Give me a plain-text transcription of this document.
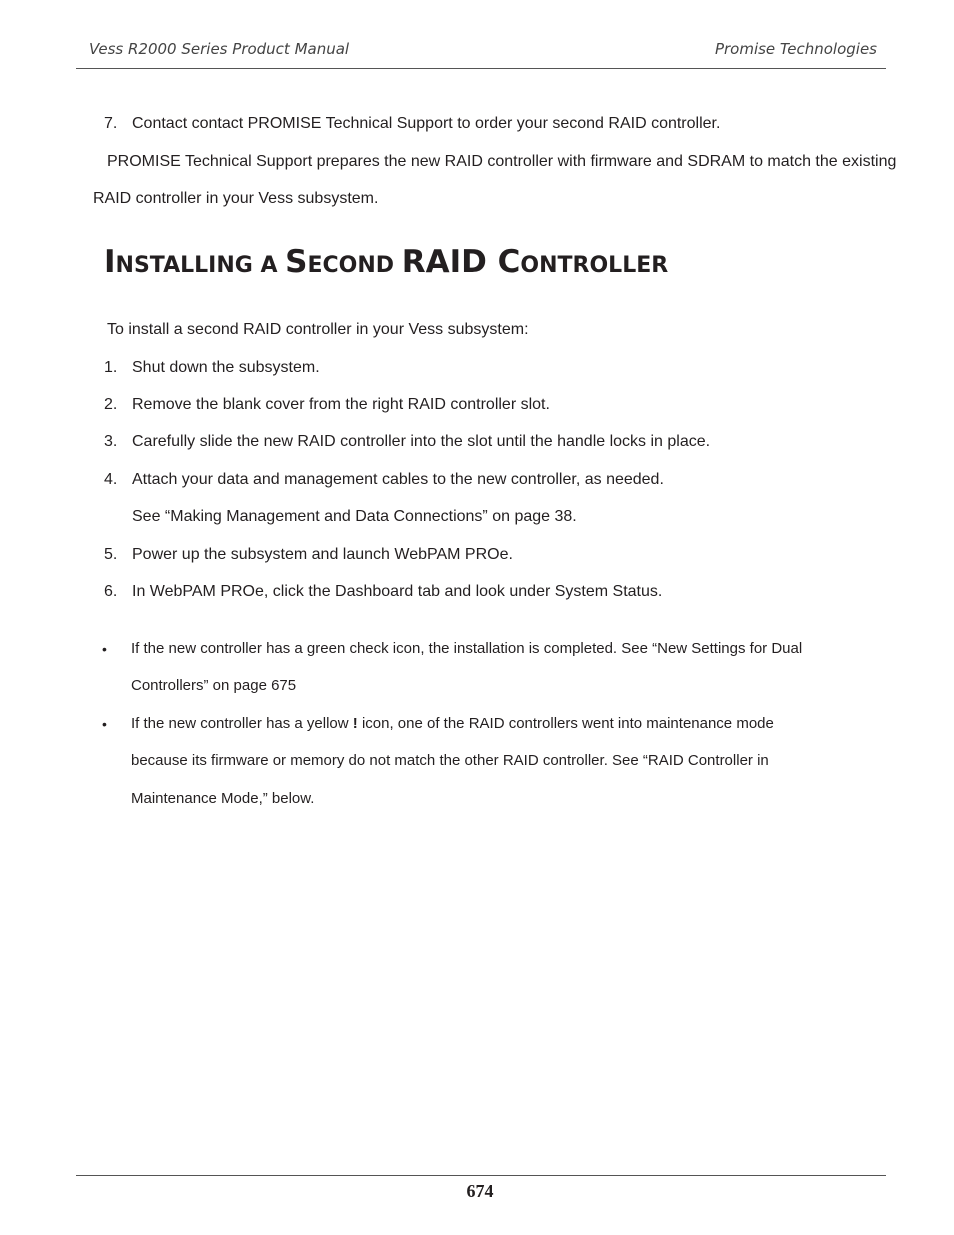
Vess R2000 Series Product Manual	Promise Technologies
7. Contact contact PROMISE Technical Support to order your second RAID controller.
PROMISE Technical Support prepares the new RAID controller with firmware and SDRAM to match the existing
RAID controller in your Vess subsystem.
INSTALLING A SECOND RAID CONTROLLER
To install a second RAID controller in your Vess subsystem:
1. Shut down the subsystem.
2. Remove the blank cover from the right RAID controller slot.
3. Carefully slide the new RAID controller into the slot until the handle locks in place.
4. Attach your data and management cables to the new controller, as needed.
See “Making Management and Data Connections” on page 38.
5. Power up the subsystem and launch WebPAM PROe.
6. In WebPAM PROe, click the Dashboard tab and look under System Status.
• If the new controller has a green check icon, the installation is completed. See “New Settings for Dual
Controllers” on page 675
• If the new controller has a yellow ! icon, one of the RAID controllers went into maintenance mode
because its firmware or memory do not match the other RAID controller. See “RAID Controller in
Maintenance Mode,” below.
674
